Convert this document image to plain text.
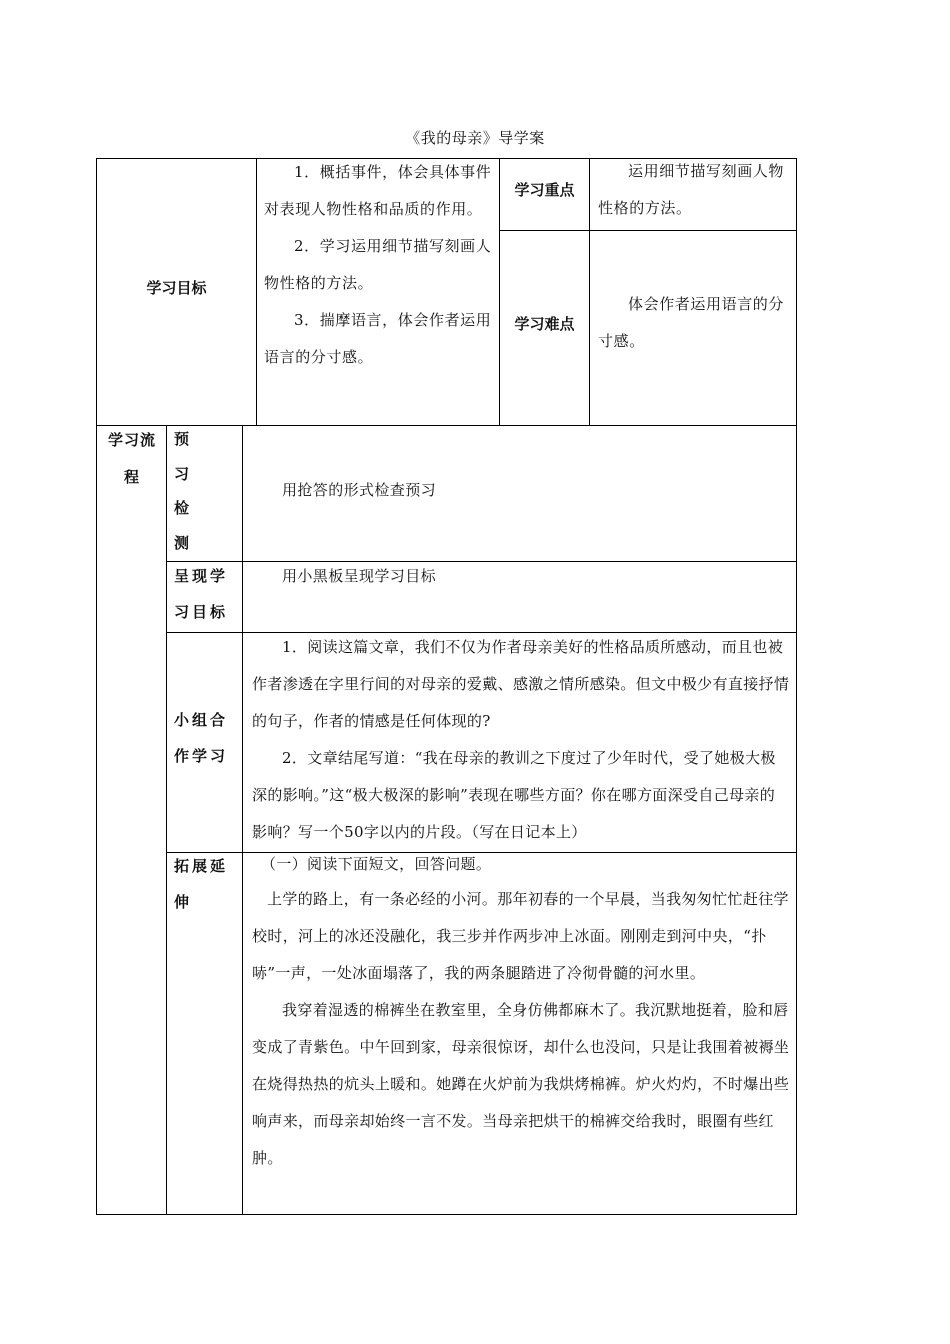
《我的母亲》导学案
学习目标

1．概括事件，体会具体事件对表现人物性格和品质的作用。

2．学习运用细节描写刻画人物性格的方法。

3．揣摩语言，体会作者运用语言的分寸感。

学习重点

运用细节描写刻画人物性格的方法。

学习难点

体会作者运用语言的分寸感。

学习流程
预习检测
用抢答的形式检查预习
呈现学习目标
用小黑板呈现学习目标
小组合作学习

1．阅读这篇文章，我们不仅为作者母亲美好的性格品质所感动，而且也被作者渗透在字里行间的对母亲的爱戴、感激之情所感染。但文中极少有直接抒情的句子，作者的情感是任何体现的?

2．文章结尾写道：“我在母亲的教训之下度过了少年时代，受了她极大极深的影响。”这“极大极深的影响”表现在哪些方面？你在哪方面深受自己母亲的影响？写一个50字以内的片段。（写在日记本上）

拓展延伸

（一）阅读下面短文，回答问题。

上学的路上，有一条必经的小河。那年初春的一个早晨，当我匆匆忙忙赶往学校时，河上的冰还没融化，我三步并作两步冲上冰面。刚刚走到河中央，“扑哧”一声，一处冰面塌落了，我的两条腿踏进了冷彻骨髓的河水里。

我穿着湿透的棉裤坐在教室里，全身仿佛都麻木了。我沉默地挺着，脸和唇变成了青紫色。中午回到家，母亲很惊讶，却什么也没问，只是让我围着被褥坐在烧得热热的炕头上暖和。她蹲在火炉前为我烘烤棉裤。炉火灼灼，不时爆出些响声来，而母亲却始终一言不发。当母亲把烘干的棉裤交给我时，眼圈有些红肿。
